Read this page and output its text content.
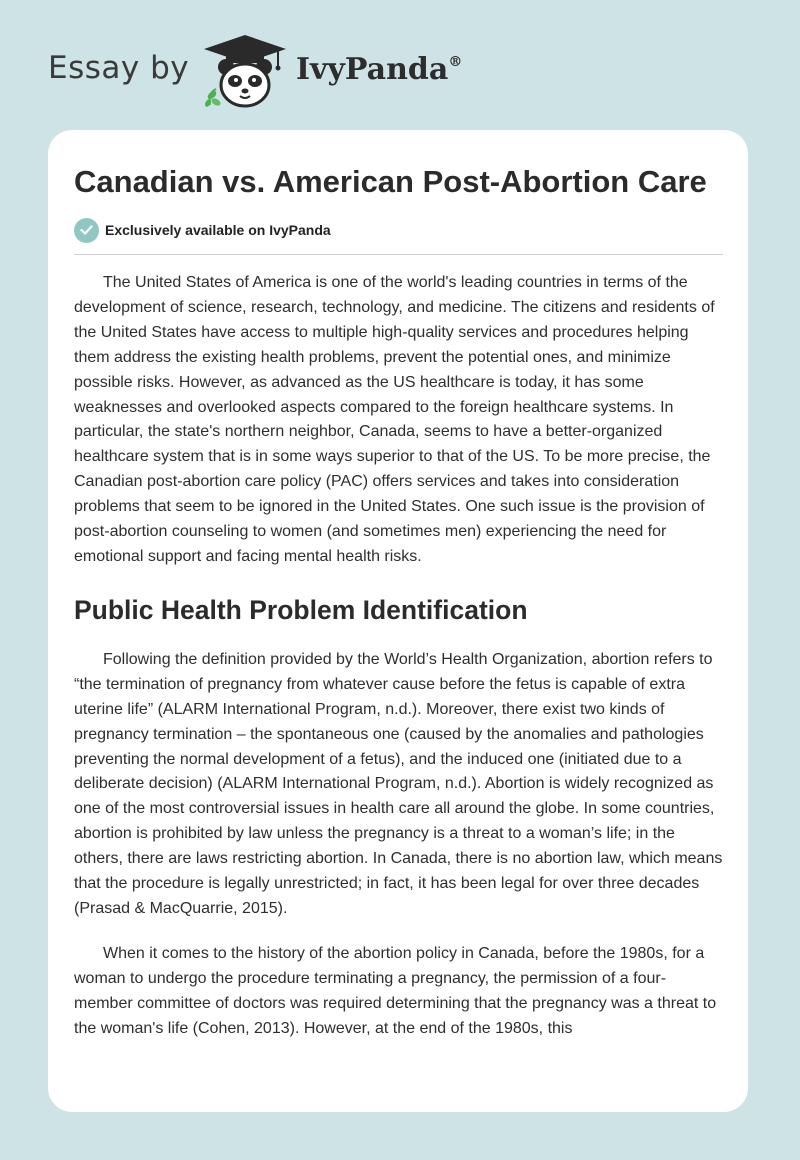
Essay by	IvyPanda®
Canadian vs. American Post-Abortion Care
Exclusively available on IvyPanda

The United States of America is one of the world's leading countries in terms of the development of science, research, technology, and medicine. The citizens and residents of the United States have access to multiple high-quality services and procedures helping them address the existing health problems, prevent the potential ones, and minimize possible risks. However, as advanced as the US healthcare is today, it has some weaknesses and overlooked aspects compared to the foreign healthcare systems. In particular, the state's northern neighbor, Canada, seems to have a better-organized healthcare system that is in some ways superior to that of the US. To be more precise, the Canadian post-abortion care policy (PAC) offers services and takes into consideration problems that seem to be ignored in the United States. One such issue is the provision of post-abortion counseling to women (and sometimes men) experiencing the need for emotional support and facing mental health risks.

Public Health Problem Identification

Following the definition provided by the World’s Health Organization, abortion refers to “the termination of pregnancy from whatever cause before the fetus is capable of extra uterine life” (ALARM International Program, n.d.). Moreover, there exist two kinds of pregnancy termination – the spontaneous one (caused by the anomalies and pathologies preventing the normal development of a fetus), and the induced one (initiated due to a deliberate decision) (ALARM International Program, n.d.). Abortion is widely recognized as one of the most controversial issues in health care all around the globe. In some countries, abortion is prohibited by law unless the pregnancy is a threat to a woman’s life; in the others, there are laws restricting abortion. In Canada, there is no abortion law, which means that the procedure is legally unrestricted; in fact, it has been legal for over three decades (Prasad & MacQuarrie, 2015).

When it comes to the history of the abortion policy in Canada, before the 1980s, for a woman to undergo the procedure terminating a pregnancy, the permission of a four-member committee of doctors was required determining that the pregnancy was a threat to the woman's life (Cohen, 2013). However, at the end of the 1980s, this
